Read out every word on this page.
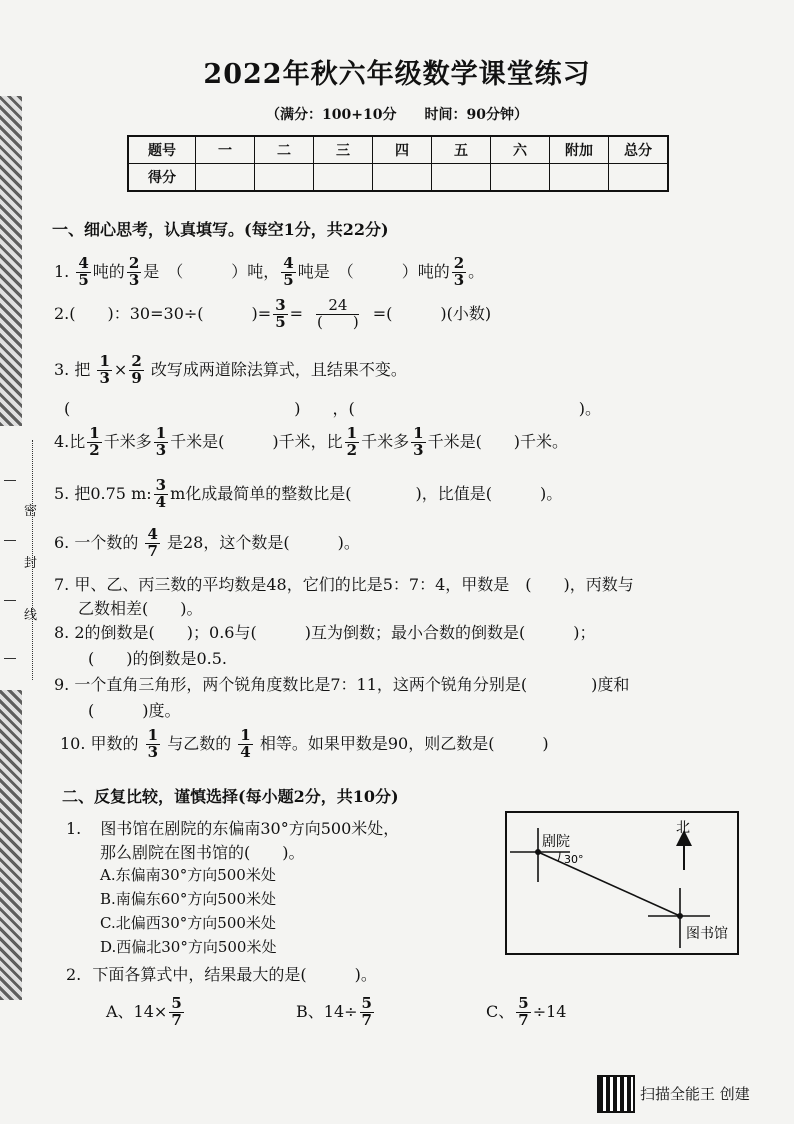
密
封
线
2022年秋六年级数学课堂练习
（满分：100+10分　　时间：90分钟）
题号	一	二	三	四	五	六	附加	总分
得分								
一、细心思考，认真填写。(每空1分，共22分)
1. $\frac{4}{5}$ 吨的 $\frac{2}{3}$ 是　（　　　）吨， $\frac{4}{5}$ 吨是　（　　　）吨的 $\frac{2}{3}$ 。
2.(　　)：30=30÷(　　　)= $\frac{3}{5} = \frac{24}{( )}$ =(　　　)(小数)
3. 把 $\frac{1}{3} \times \frac{2}{9}$ 改写成两道除法算式，且结果不变。
(　　　　　　　　　　　　　　)　　，(　　　　　　　　　　　　　　)。
4.比 $\frac{1}{2}$ 千米多 $\frac{1}{3}$ 千米是(　　　)千米，比 $\frac{1}{2}$ 千米多 $\frac{1}{3}$ 千米是(　　)千米。
5. 把0.75 m: $\frac{3}{4}$ m化成最简单的整数比是(　　　　)，比值是(　　　)。
6. 一个数的 $\frac{4}{7}$ 是28，这个数是(　　　)。
7. 甲、乙、丙三数的平均数是48，它们的比是5：7：4，甲数是　(　　)，丙数与
乙数相差(　　)。
8. 2的倒数是(　　)；0.6与(　　　)互为倒数；最小合数的倒数是(　　　)；
(　　)的倒数是0.5.
9. 一个直角三角形，两个锐角度数比是7：11，这两个锐角分别是(　　　　)度和
(　　　)度。
10. 甲数的 $\frac{1}{3}$ 与乙数的 $\frac{1}{4}$ 相等。如果甲数是90，则乙数是(　　　)
二、反复比较，谨慎选择(每小题2分，共10分)
1. 图书馆在剧院的东偏南30°方向500米处，
那么剧院在图书馆的(　　)。
A.东偏南30°方向500米处
B.南偏东60°方向500米处
C.北偏西30°方向500米处
D.西偏北30°方向500米处
2. 下面各算式中，结果最大的是(　　　)。
A、$14\times \frac{5}{7}$	B、$14\div \frac{5}{7}$	C、 $\frac{5}{7} \div 14$
剧院
30°
北
图书馆
扫描全能王 创建
